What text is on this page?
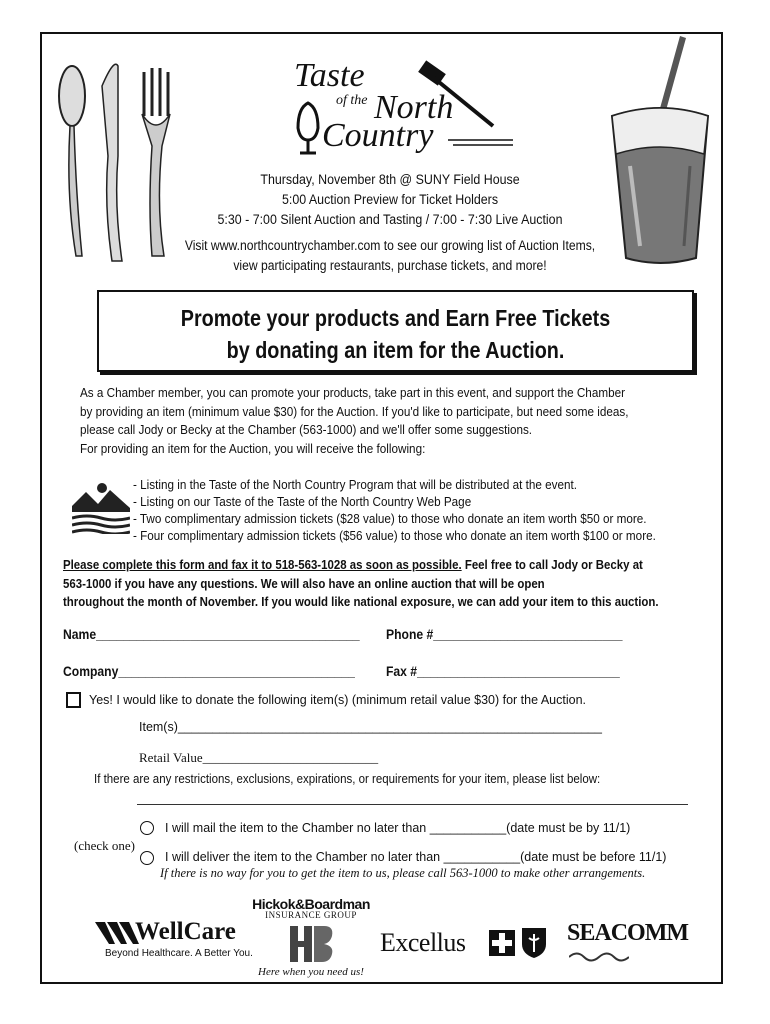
Taste
of the North
Country
Thursday, November 8th @ SUNY Field House
5:00 Auction Preview for Ticket Holders
5:30 - 7:00 Silent Auction and Tasting / 7:00 - 7:30 Live Auction
Visit www.northcountrychamber.com to see our growing list of Auction Items,
view participating restaurants, purchase tickets, and more!
Promote your products and Earn Free Tickets
by donating an item for the Auction.
As a Chamber member, you can promote your products, take part in this event, and support the Chamber
by providing an item (minimum value $30) for the Auction. If you'd like to participate, but need some ideas,
please call Jody or Becky at the Chamber (563-1000) and we'll offer some suggestions.
For providing an item for the Auction, you will receive the following:
- Listing in the Taste of the North Country Program that will be distributed at the event.
- Listing on our Taste of the Taste of the North Country Web Page
- Two complimentary admission tickets ($28 value) to those who donate an item worth $50 or more.
- Four complimentary admission tickets ($56 value) to those who donate an item worth $100 or more.
Please complete this form and fax it to 518-563-1028 as soon as possible. Feel free to call Jody or Becky at
563-1000 if you have any questions. We will also have an online auction that will be open
throughout the month of November. If you would like national exposure, we can add your item to this auction.
Name_______________________________________ Phone #____________________________
Company___________________________________ Fax #______________________________
Yes! I would like to donate the following item(s) (minimum retail value $30) for the Auction.
Item(s)_____________________________________________________________
Retail Value___________________________
If there are any restrictions, exclusions, expirations, or requirements for your item, please list below:
I will mail the item to the Chamber no later than ___________(date must be by 11/1)
(check one)
I will deliver the item to the Chamber no later than ___________(date must be before 11/1)
If there is no way for you to get the item to us, please call 563-1000 to make other arrangements.
WellCare
Beyond Healthcare. A Better You.
Hickok&Boardman
INSURANCE GROUP
Here when you need us!
Excellus	SEACOMM
